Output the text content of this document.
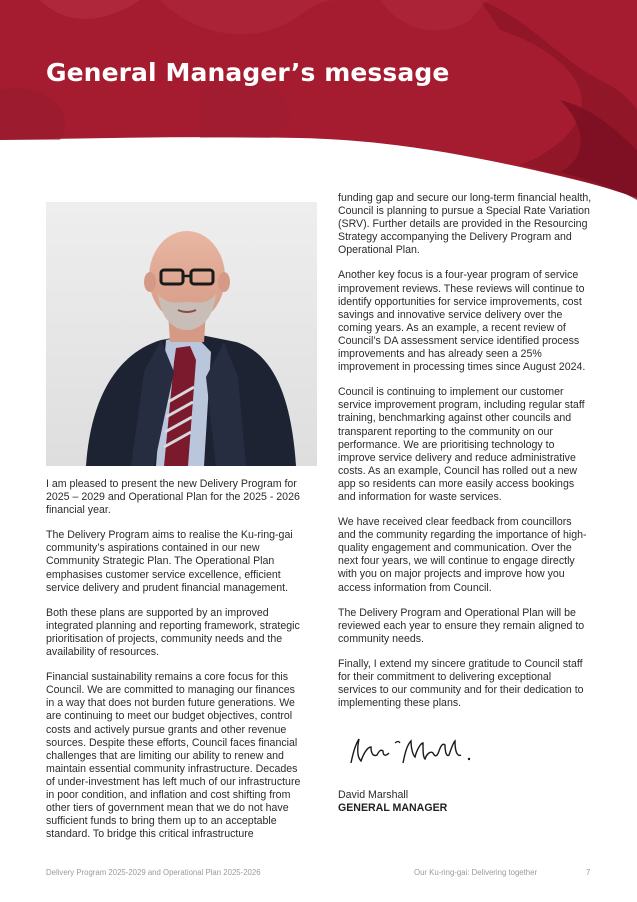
General Manager’s message

I am pleased to present the new Delivery Program for 2025 – 2029 and Operational Plan for the 2025 - 2026 financial year.

The Delivery Program aims to realise the Ku-ring-gai community’s aspirations contained in our new Community Strategic Plan. The Operational Plan emphasises customer service excellence, efficient service delivery and prudent financial management.

Both these plans are supported by an improved integrated planning and reporting framework, strategic prioritisation of projects, community needs and the availability of resources.

Financial sustainability remains a core focus for this Council. We are committed to managing our finances in a way that does not burden future generations. We are continuing to meet our budget objectives, control costs and actively pursue grants and other revenue sources. Despite these efforts, Council faces financial challenges that are limiting our ability to renew and maintain essential community infrastructure. Decades of under-investment has left much of our infrastructure in poor condition, and inflation and cost shifting from other tiers of government mean that we do not have sufficient funds to bring them up to an acceptable standard. To bridge this critical infrastructure

funding gap and secure our long-term financial health, Council is planning to pursue a Special Rate Variation (SRV). Further details are provided in the Resourcing Strategy accompanying the Delivery Program and Operational Plan.

Another key focus is a four-year program of service improvement reviews. These reviews will continue to identify opportunities for service improvements, cost savings and innovative service delivery over the coming years. As an example, a recent review of Council’s DA assessment service identified process improvements and has already seen a 25% improvement in processing times since August 2024.

Council is continuing to implement our customer service improvement program, including regular staff training, benchmarking against other councils and transparent reporting to the community on our performance. We are prioritising technology to improve service delivery and reduce administrative costs. As an example, Council has rolled out a new app so residents can more easily access bookings and information for waste services.

We have received clear feedback from councillors and the community regarding the importance of high-quality engagement and communication. Over the next four years, we will continue to engage directly with you on major projects and improve how you access information from Council.

The Delivery Program and Operational Plan will be reviewed each year to ensure they remain aligned to community needs.

Finally, I extend my sincere gratitude to Council staff for their commitment to delivering exceptional services to our community and for their dedication to implementing these plans.

David Marshall
GENERAL MANAGER
Delivery Program 2025-2029 and Operational Plan 2025-2026	Our Ku-ring-gai: Delivering together	7
